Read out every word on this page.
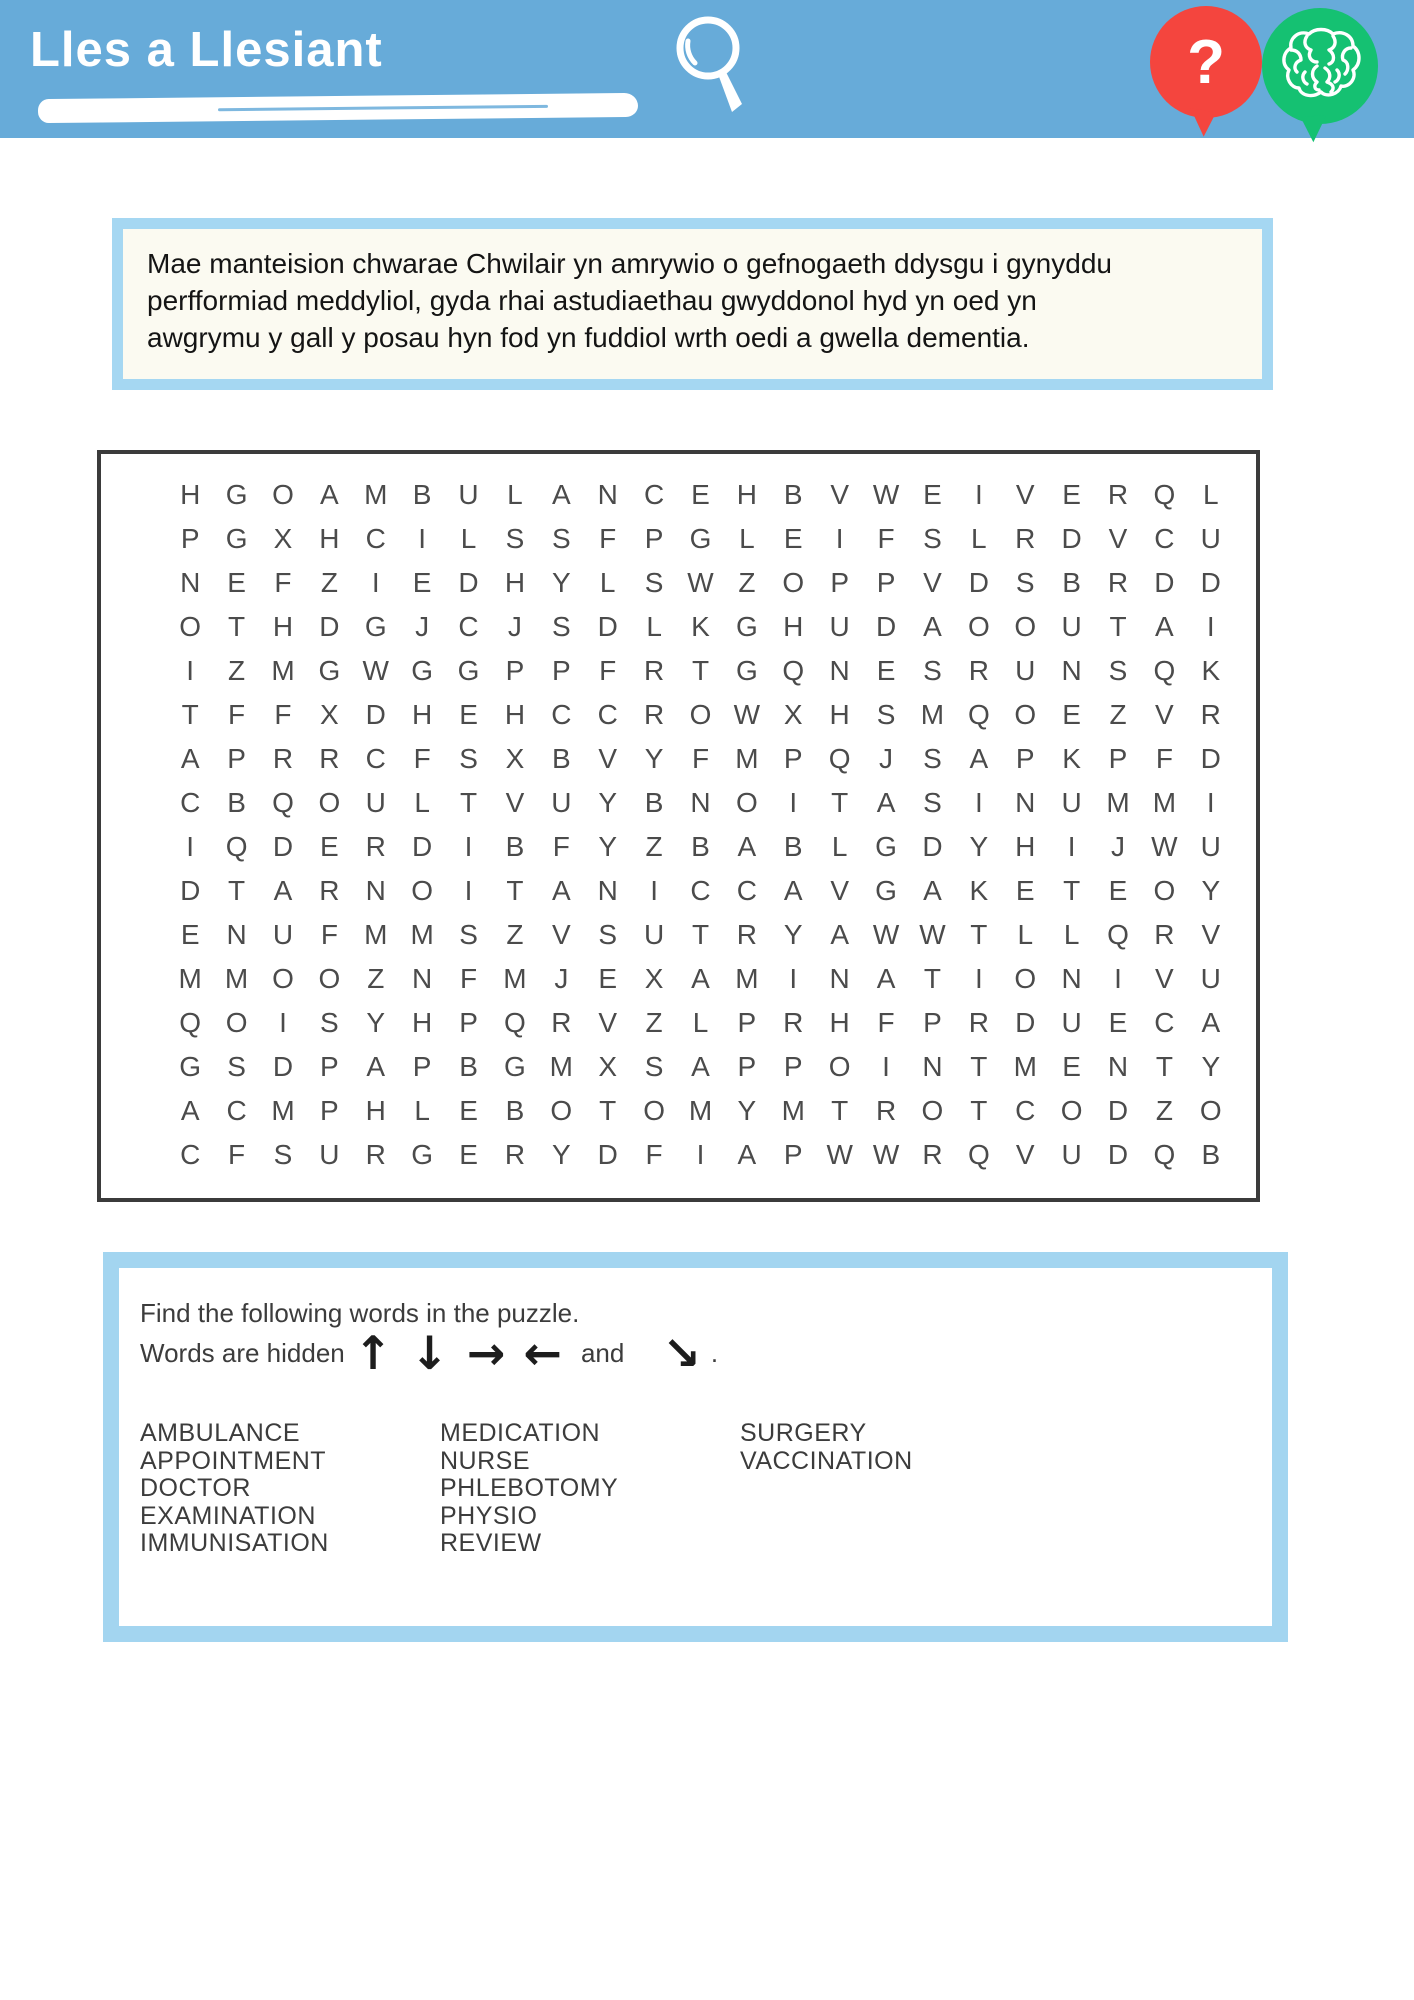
Lles a Llesiant	?
Mae manteision chwarae Chwilair yn amrywio o gefnogaeth ddysgu i gynyddu
perfformiad meddyliol, gyda rhai astudiaethau gwyddonol hyd yn oed yn
awgrymu y gall y posau hyn fod yn fuddiol wrth oedi a gwella dementia.
H G O A M B U	L	A N C E H B V W E	I	V E R Q L
P G X H C	I	L	S S	F	P G L	E	I	F	S	L	R D V C U
N E	F	Z	I	E D H Y	L	S W Z O P P V D S B R D D
O T H D G	J	C	J	S D	L	K G H U D A O O U T	A	I
I	Z M G W G G P P	F R T G Q N E S R U N S Q K
T	F	F	X D H E H C C R O W X H S M Q O E	Z	V R
A P R R C F	S X B V Y	F M P Q	J	S A P K P	F D
C B Q O U	L	T	V U Y B N O	I	T	A S	I	N U M M	I
I	Q D E R D	I	B	F	Y	Z	B A B	L G D Y H	I	J W U
D T	A R N O	I	T	A N	I	C C A V G A K E	T	E O Y
E N U F M M S	Z	V S U T R Y A W W T	L	L Q R V
M M O O Z N F M J	E X A M	I	N A	T	I	O N	I	V U
Q O	I	S Y H P Q R V	Z	L	P R H F	P R D U E C A
G S D P A P B G M X S A P P O	I	N T M E N T	Y
A C M P H	L	E B O T O M Y M T R O T C O D Z O
C F	S U R G E R Y D F	I	A P W W R Q V U D Q B
Find the following words in the puzzle.
Words are hidden ↑ ↓ → ← and ↘ .
AMBULANCE
APPOINTMENT
DOCTOR
EXAMINATION
IMMUNISATION
MEDICATION
NURSE
PHLEBOTOMY
PHYSIO
REVIEW
SURGERY
VACCINATION
